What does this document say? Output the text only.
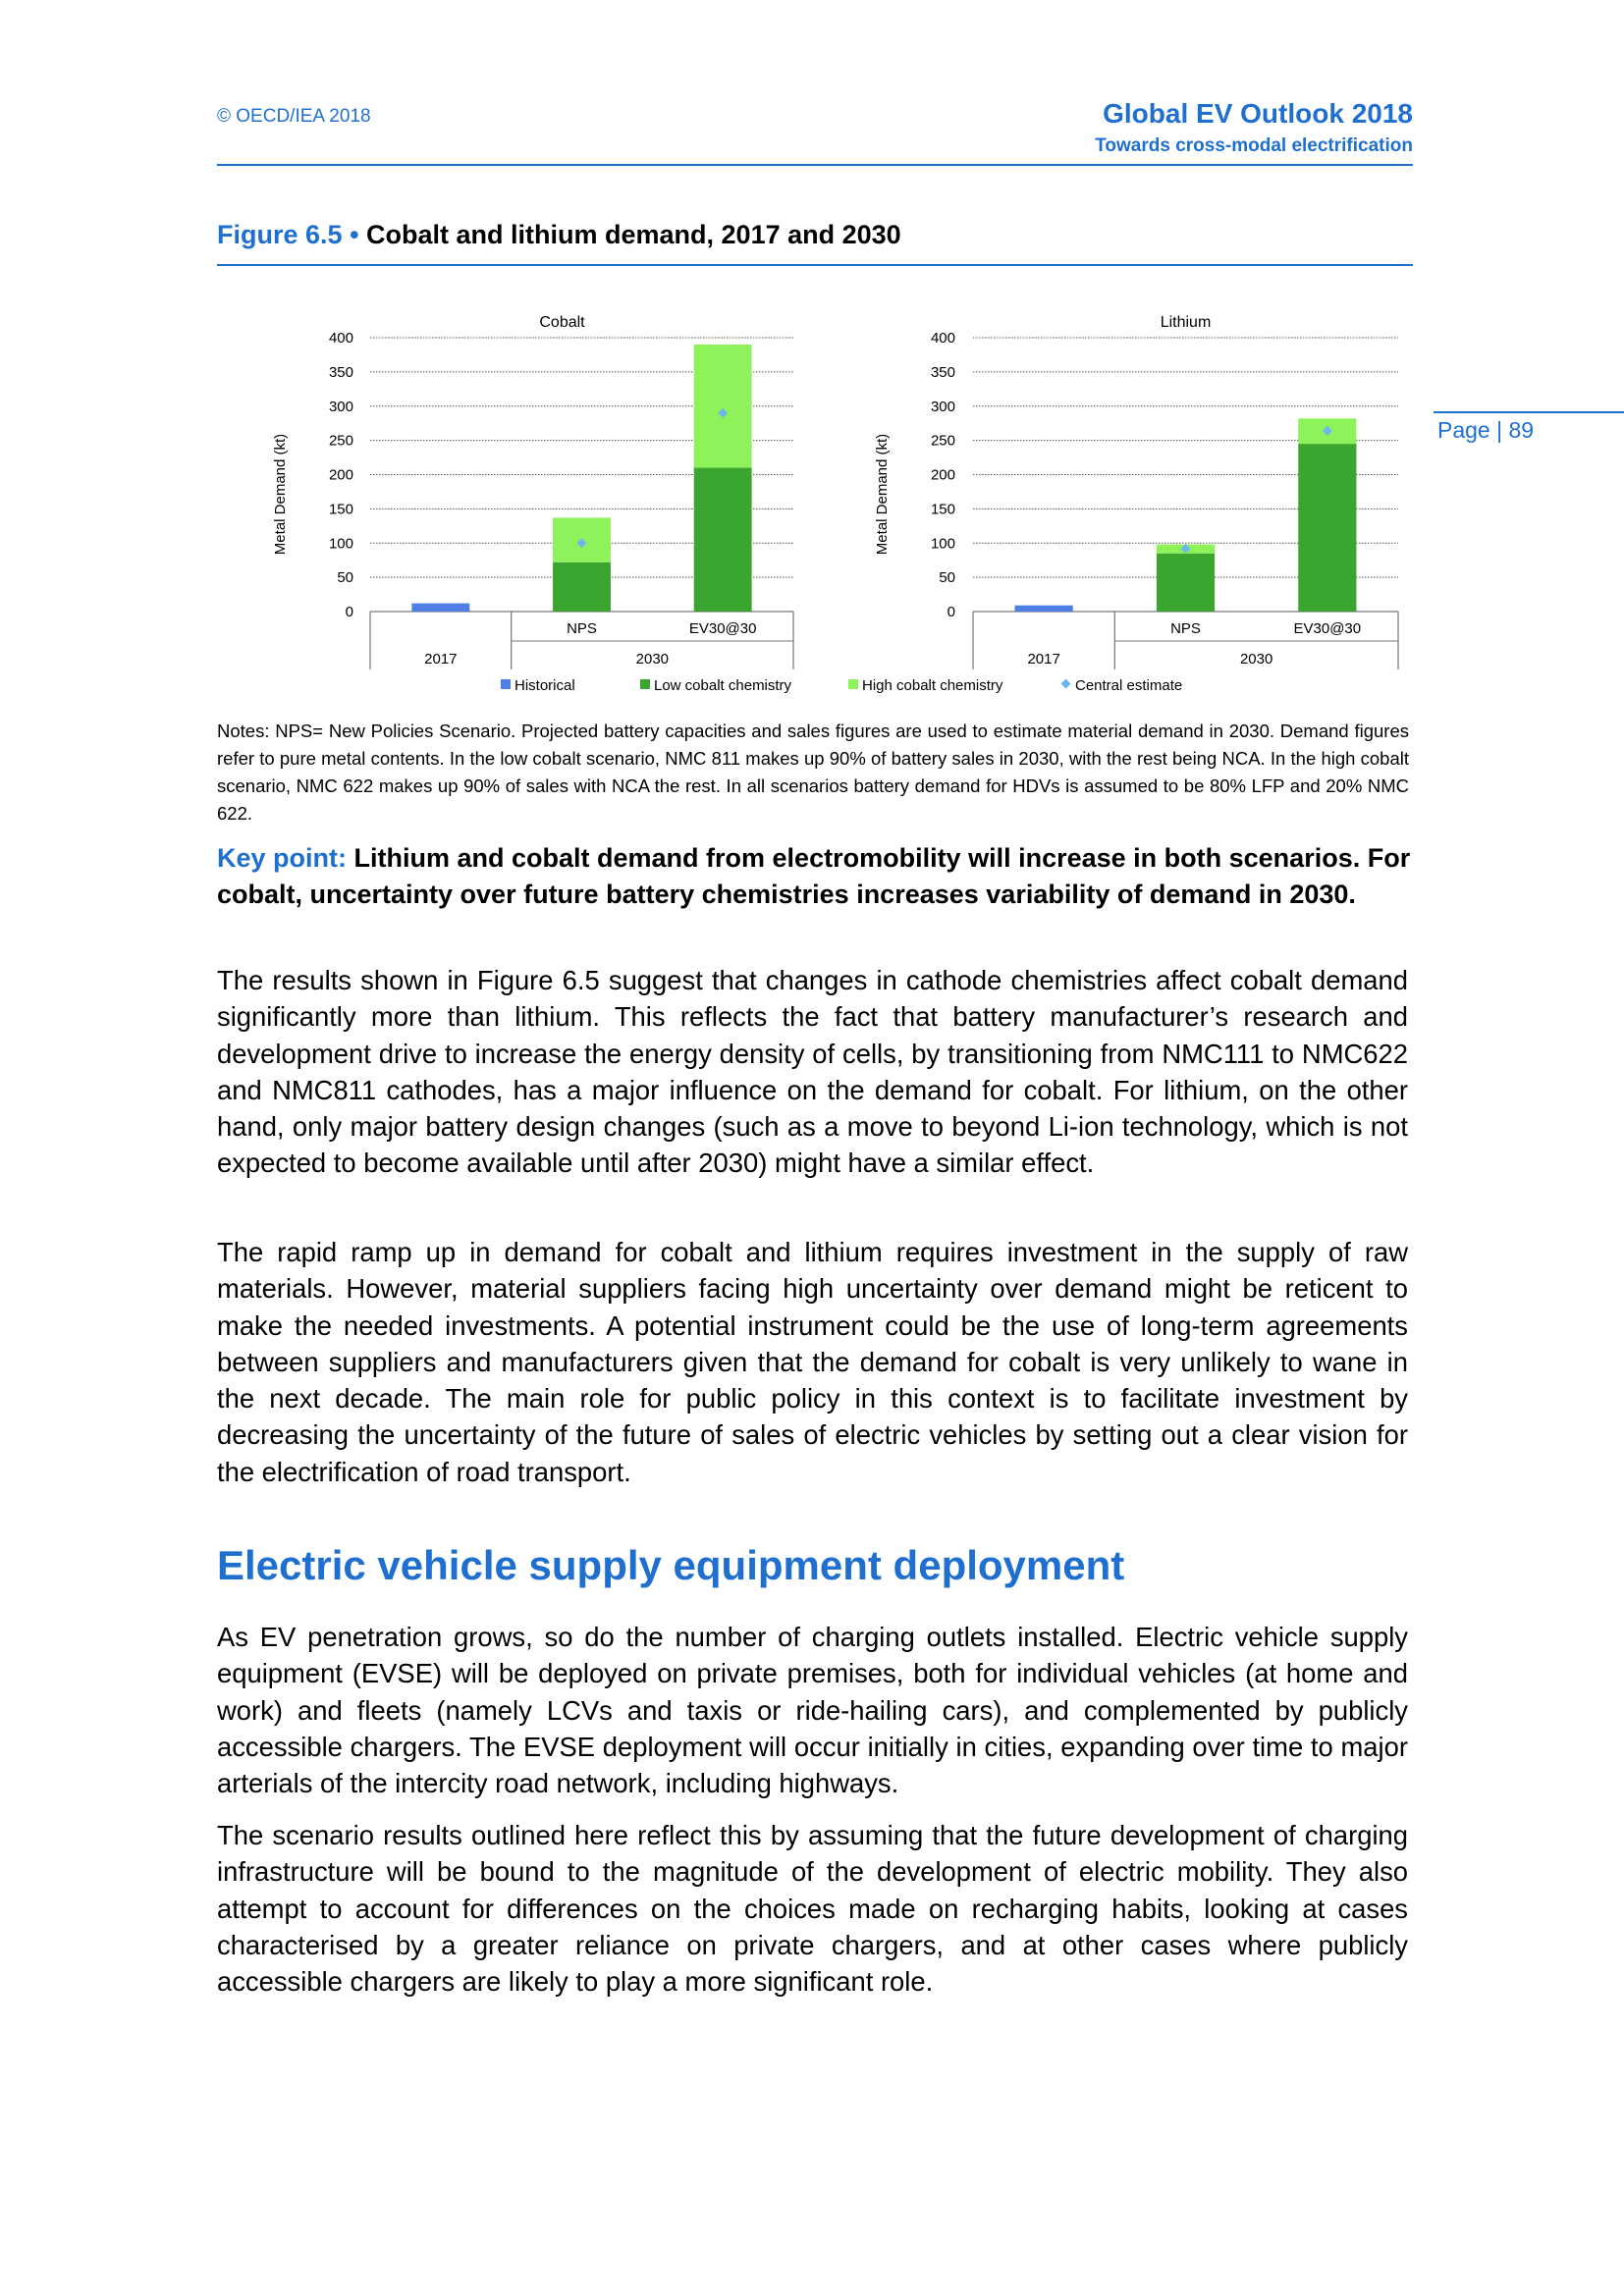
© OECD/IEA 2018	Global EV Outlook 2018
Towards cross-modal electrification
Figure 6.5 • Cobalt and lithium demand, 2017 and 2030
Page | 89
Cobalt
Metal Demand (kt)
0
50
100
150
200
250
300
350
400
NPS	EV30@30
2017	2030
Lithium
Metal Demand (kt)
0
50
100
150
200
250
300
350
400
NPS	EV30@30
2017	2030
Historical	Low cobalt chemistry	High cobalt chemistry	Central estimate
Notes: NPS= New Policies Scenario. Projected battery capacities and sales figures are used to estimate material demand in 2030. Demand figures refer to pure metal contents. In the low cobalt scenario, NMC 811 makes up 90% of battery sales in 2030, with the rest being NCA. In the high cobalt scenario, NMC 622 makes up 90% of sales with NCA the rest. In all scenarios battery demand for HDVs is assumed to be 80% LFP and 20% NMC 622.
Key point: Lithium and cobalt demand from electromobility will increase in both scenarios. For cobalt, uncertainty over future battery chemistries increases variability of demand in 2030.
The results shown in Figure 6.5 suggest that changes in cathode chemistries affect cobalt demand significantly more than lithium. This reflects the fact that battery manufacturer’s research and development drive to increase the energy density of cells, by transitioning from NMC111 to NMC622 and NMC811 cathodes, has a major influence on the demand for cobalt. For lithium, on the other hand, only major battery design changes (such as a move to beyond Li-ion technology, which is not expected to become available until after 2030) might have a similar effect.
The rapid ramp up in demand for cobalt and lithium requires investment in the supply of raw materials. However, material suppliers facing high uncertainty over demand might be reticent to make the needed investments. A potential instrument could be the use of long-term agreements between suppliers and manufacturers given that the demand for cobalt is very unlikely to wane in the next decade. The main role for public policy in this context is to facilitate investment by decreasing the uncertainty of the future of sales of electric vehicles by setting out a clear vision for the electrification of road transport.
Electric vehicle supply equipment deployment
As EV penetration grows, so do the number of charging outlets installed. Electric vehicle supply equipment (EVSE) will be deployed on private premises, both for individual vehicles (at home and work) and fleets (namely LCVs and taxis or ride-hailing cars), and complemented by publicly accessible chargers. The EVSE deployment will occur initially in cities, expanding over time to major arterials of the intercity road network, including highways.
The scenario results outlined here reflect this by assuming that the future development of charging infrastructure will be bound to the magnitude of the development of electric mobility. They also attempt to account for differences on the choices made on recharging habits, looking at cases characterised by a greater reliance on private chargers, and at other cases where publicly accessible chargers are likely to play a more significant role.
